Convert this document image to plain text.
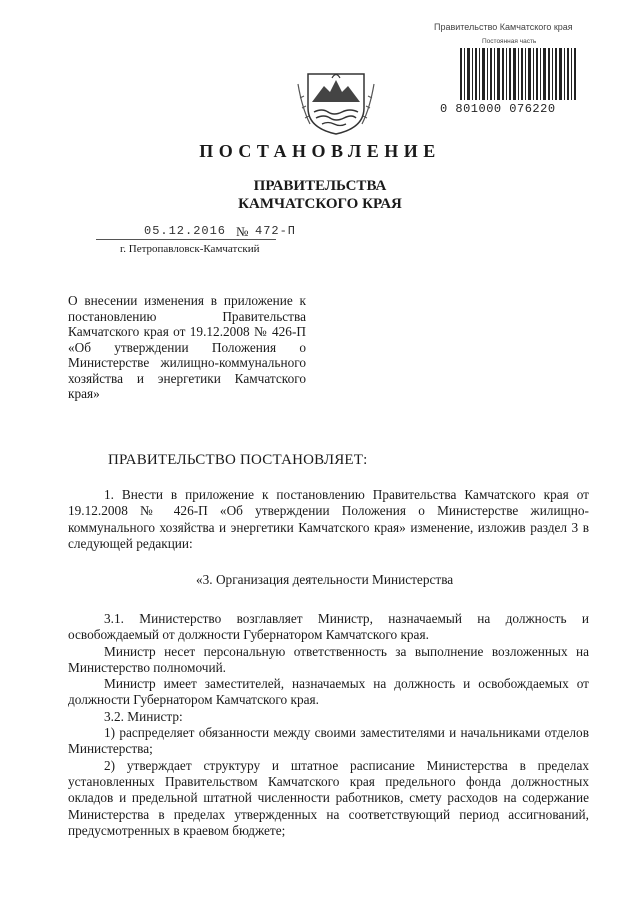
Правительство Камчатского края
Постоянная часть
0 801000 076220
ПОСТАНОВЛЕНИЕ
ПРАВИТЕЛЬСТВА
КАМЧАТСКОГО КРАЯ
05.12.2016 № 472-П
г. Петропавловск-Камчатский
О внесении изменения в приложение к постановлению Правительства Камчатского края от 19.12.2008 № 426-П «Об утверждении Положения о Министерстве жилищно-коммунального хозяйства и энергетики Камчатского края»
ПРАВИТЕЛЬСТВО ПОСТАНОВЛЯЕТ:

1. Внести в приложение к постановлению Правительства Камчатского края от 19.12.2008 № 426-П «Об утверждении Положения о Министерстве жилищно-коммунального хозяйства и энергетики Камчатского края» изменение, изложив раздел 3 в следующей редакции:

«3. Организация деятельности Министерства

3.1. Министерство возглавляет Министр, назначаемый на должность и освобождаемый от должности Губернатором Камчатского края.

Министр несет персональную ответственность за выполнение возложенных на Министерство полномочий.

Министр имеет заместителей, назначаемых на должность и освобождаемых от должности Губернатором Камчатского края.

3.2. Министр:

1) распределяет обязанности между своими заместителями и начальниками отделов Министерства;

2) утверждает структуру и штатное расписание Министерства в пределах установленных Правительством Камчатского края предельного фонда должностных окладов и предельной штатной численности работников, смету расходов на содержание Министерства в пределах утвержденных на соответствующий период ассигнований, предусмотренных в краевом бюджете;
